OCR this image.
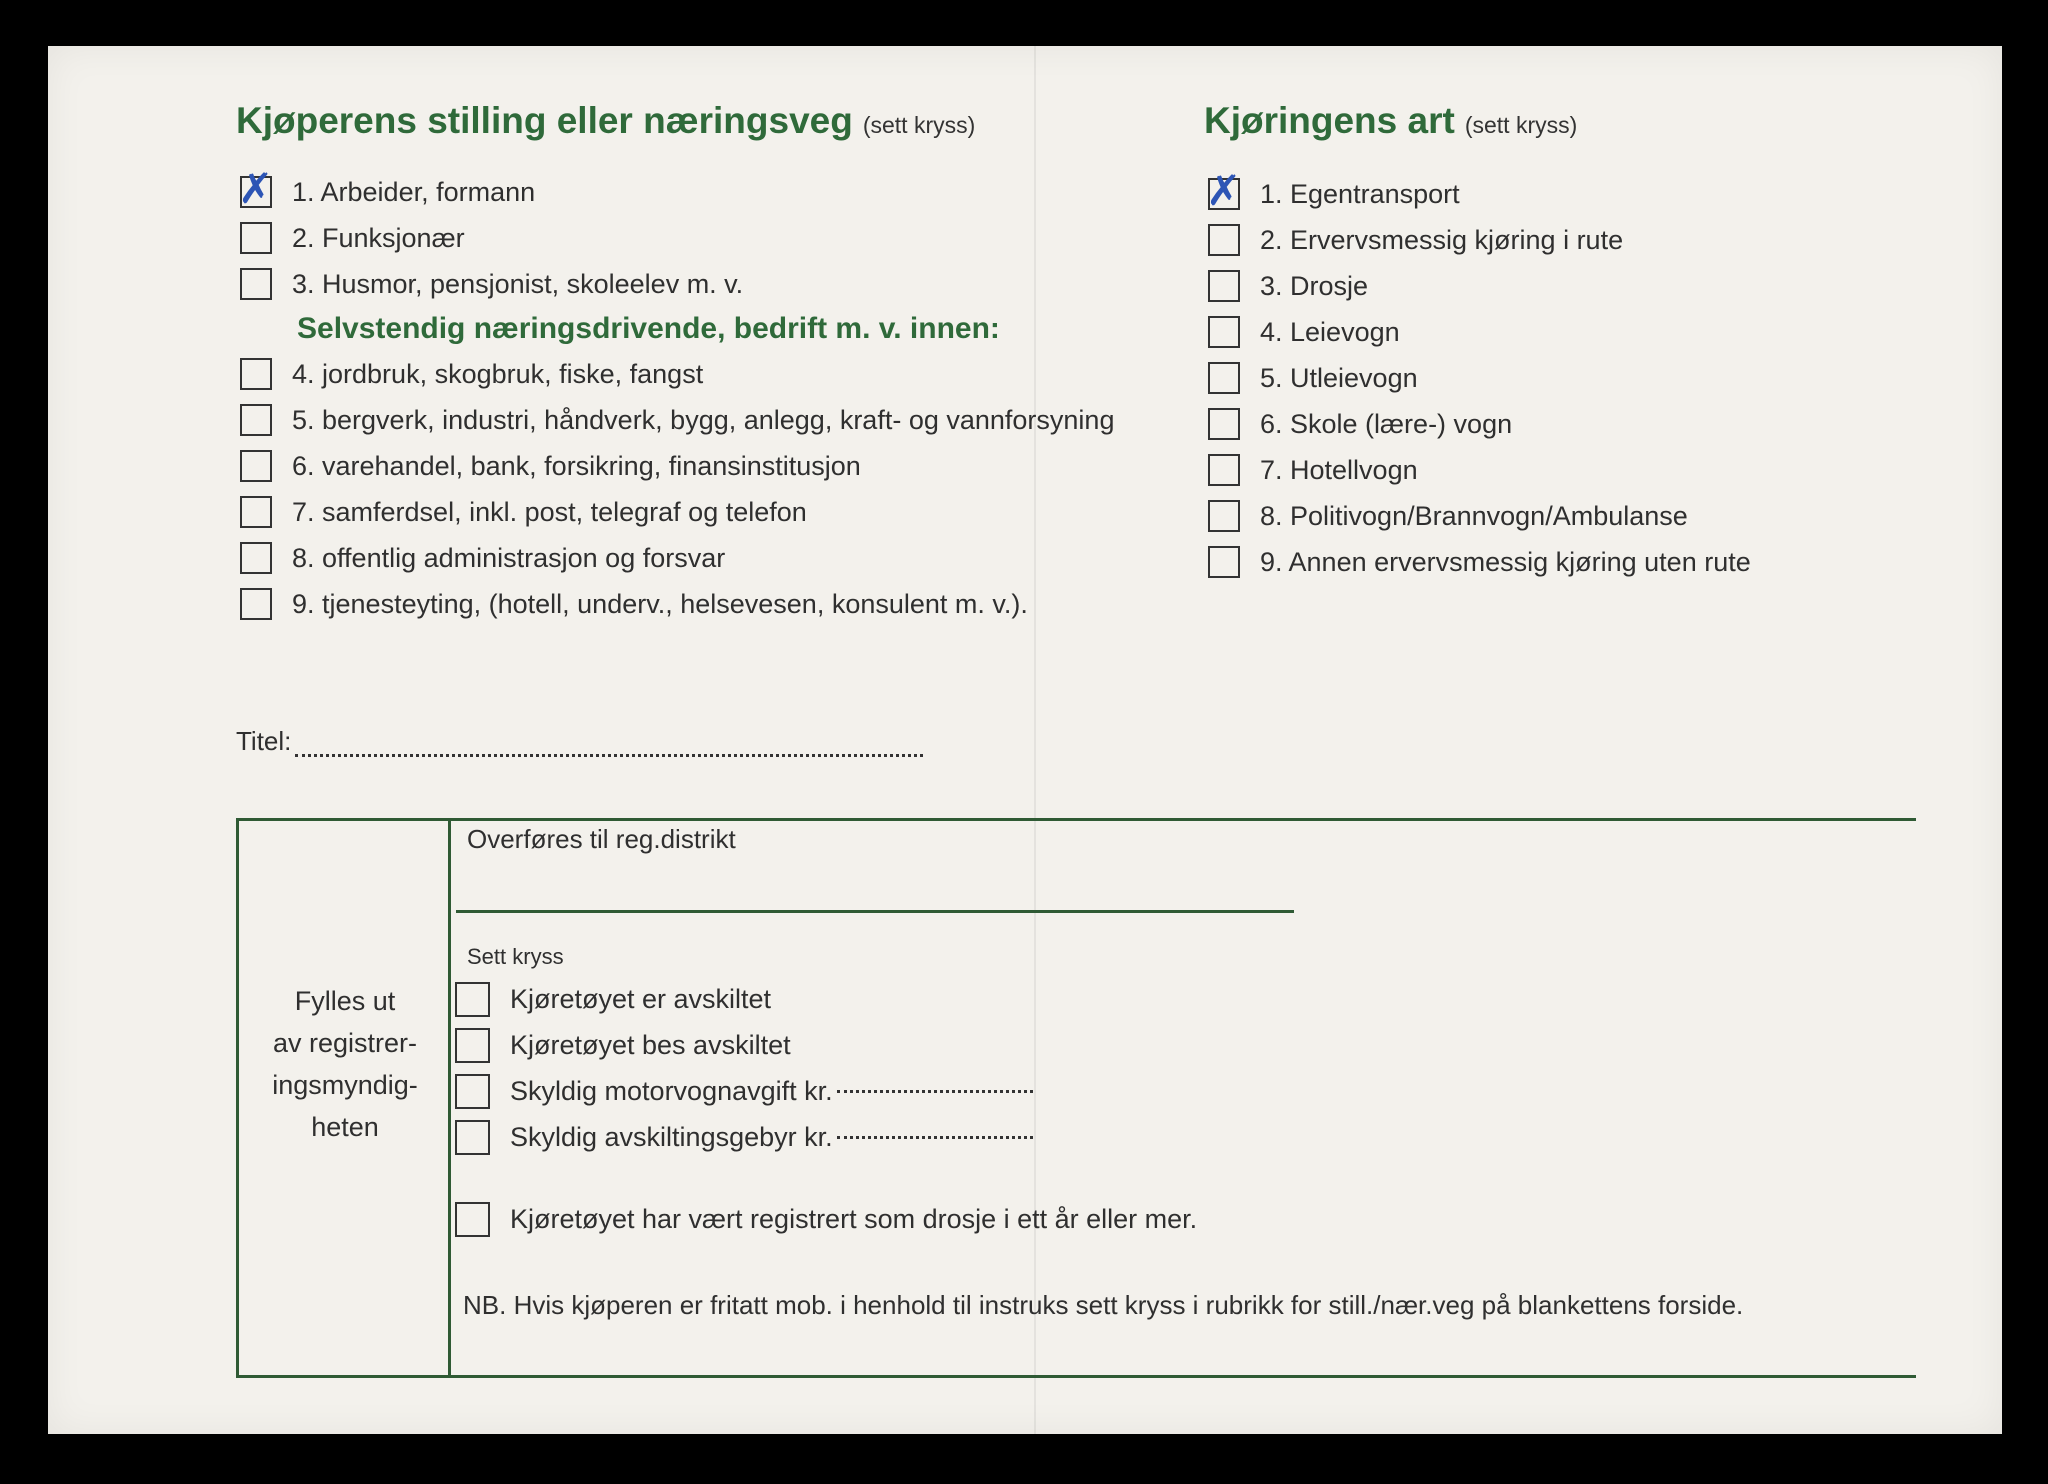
Kjøperens stilling eller næringsveg (sett kryss)
✗ 1. Arbeider, formann
2. Funksjonær
3. Husmor, pensjonist, skoleelev m. v.
Selvstendig næringsdrivende, bedrift m. v. innen:
4. jordbruk, skogbruk, fiske, fangst
5. bergverk, industri, håndverk, bygg, anlegg, kraft- og vannforsyning
6. varehandel, bank, forsikring, finansinstitusjon
7. samferdsel, inkl. post, telegraf og telefon
8. offentlig administrasjon og forsvar
9. tjenesteyting, (hotell, underv., helsevesen, konsulent m. v.).
Kjøringens art (sett kryss)
✗ 1. Egentransport
2. Ervervsmessig kjøring i rute
3. Drosje
4. Leievogn
5. Utleievogn
6. Skole (lære-) vogn
7. Hotellvogn
8. Politivogn/Brannvogn/Ambulanse
9. Annen ervervsmessig kjøring uten rute
Titel:
Fylles ut
av registrer-
ingsmyndig-
heten
Overføres til reg.distrikt
Sett kryss
Kjøretøyet er avskiltet
Kjøretøyet bes avskiltet
Skyldig motorvognavgift kr.
Skyldig avskiltingsgebyr kr.
Kjøretøyet har vært registrert som drosje i ett år eller mer.
NB. Hvis kjøperen er fritatt mob. i henhold til instruks sett kryss i rubrikk for still./nær.veg på blankettens forside.
